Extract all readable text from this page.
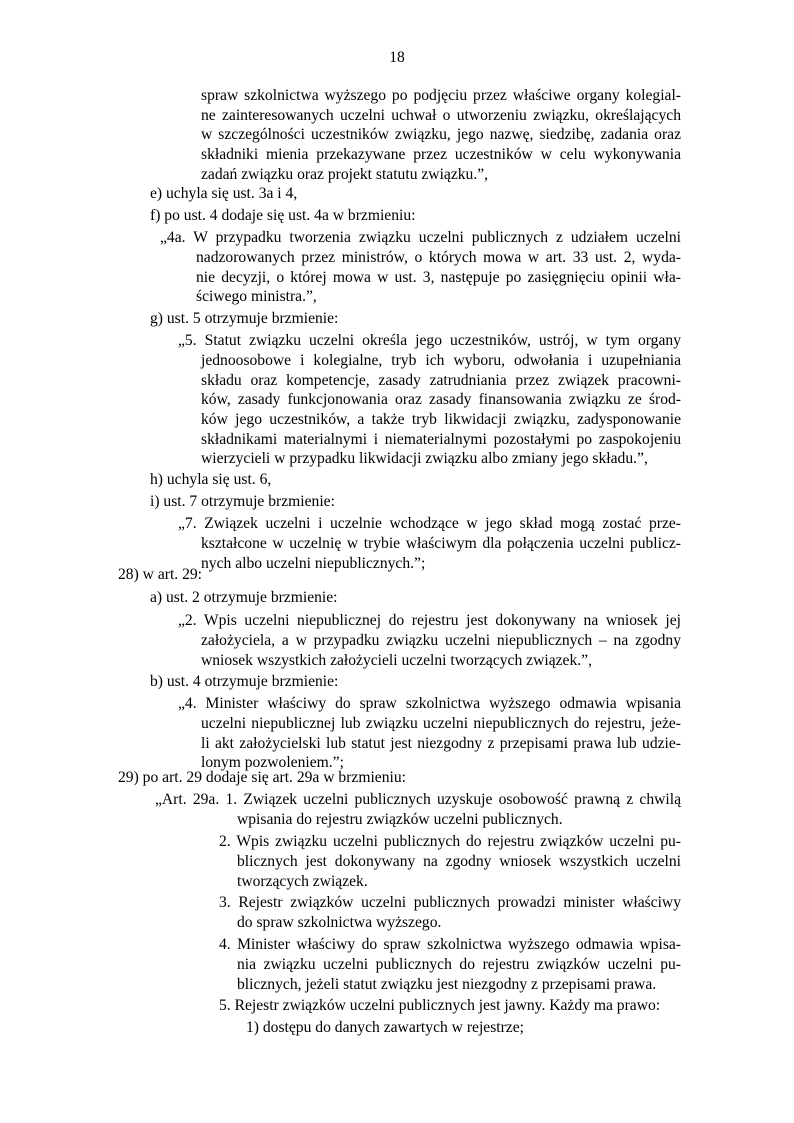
18
spraw szkolnictwa wyższego po podjęciu przez właściwe organy kolegial-
ne zainteresowanych uczelni uchwał o utworzeniu związku, określających
w szczególności uczestników związku, jego nazwę, siedzibę, zadania oraz
składniki mienia przekazywane przez uczestników w celu wykonywania
zadań związku oraz projekt statutu związku.”,
e) uchyla się ust. 3a i 4,
f) po ust. 4 dodaje się ust. 4a w brzmieniu:
„4a. W przypadku tworzenia związku uczelni publicznych z udziałem uczelni
nadzorowanych przez ministrów, o których mowa w art. 33 ust. 2, wyda-
nie decyzji, o której mowa w ust. 3, następuje po zasięgnięciu opinii wła-
ściwego ministra.”,
g) ust. 5 otrzymuje brzmienie:
„5. Statut związku uczelni określa jego uczestników, ustrój, w tym organy
jednoosobowe i kolegialne, tryb ich wyboru, odwołania i uzupełniania
składu oraz kompetencje, zasady zatrudniania przez związek pracowni-
ków, zasady funkcjonowania oraz zasady finansowania związku ze środ-
ków jego uczestników, a także tryb likwidacji związku, zadysponowanie
składnikami materialnymi i niematerialnymi pozostałymi po zaspokojeniu
wierzycieli w przypadku likwidacji związku albo zmiany jego składu.”,
h) uchyla się ust. 6,
i) ust. 7 otrzymuje brzmienie:
„7. Związek uczelni i uczelnie wchodzące w jego skład mogą zostać prze-
kształcone w uczelnię w trybie właściwym dla połączenia uczelni publicz-
nych albo uczelni niepublicznych.”;
28) w art. 29:
a) ust. 2 otrzymuje brzmienie:
„2. Wpis uczelni niepublicznej do rejestru jest dokonywany na wniosek jej
założyciela, a w przypadku związku uczelni niepublicznych – na zgodny
wniosek wszystkich założycieli uczelni tworzących związek.”,
b) ust. 4 otrzymuje brzmienie:
„4. Minister właściwy do spraw szkolnictwa wyższego odmawia wpisania
uczelni niepublicznej lub związku uczelni niepublicznych do rejestru, jeże-
li akt założycielski lub statut jest niezgodny z przepisami prawa lub udzie-
lonym pozwoleniem.”;
29) po art. 29 dodaje się art. 29a w brzmieniu:
„Art. 29a. 1. Związek uczelni publicznych uzyskuje osobowość prawną z chwilą
wpisania do rejestru związków uczelni publicznych.
2. Wpis związku uczelni publicznych do rejestru związków uczelni pu-
blicznych jest dokonywany na zgodny wniosek wszystkich uczelni
tworzących związek.
3. Rejestr związków uczelni publicznych prowadzi minister właściwy
do spraw szkolnictwa wyższego.
4. Minister właściwy do spraw szkolnictwa wyższego odmawia wpisa-
nia związku uczelni publicznych do rejestru związków uczelni pu-
blicznych, jeżeli statut związku jest niezgodny z przepisami prawa.
5. Rejestr związków uczelni publicznych jest jawny. Każdy ma prawo:
1) dostępu do danych zawartych w rejestrze;
